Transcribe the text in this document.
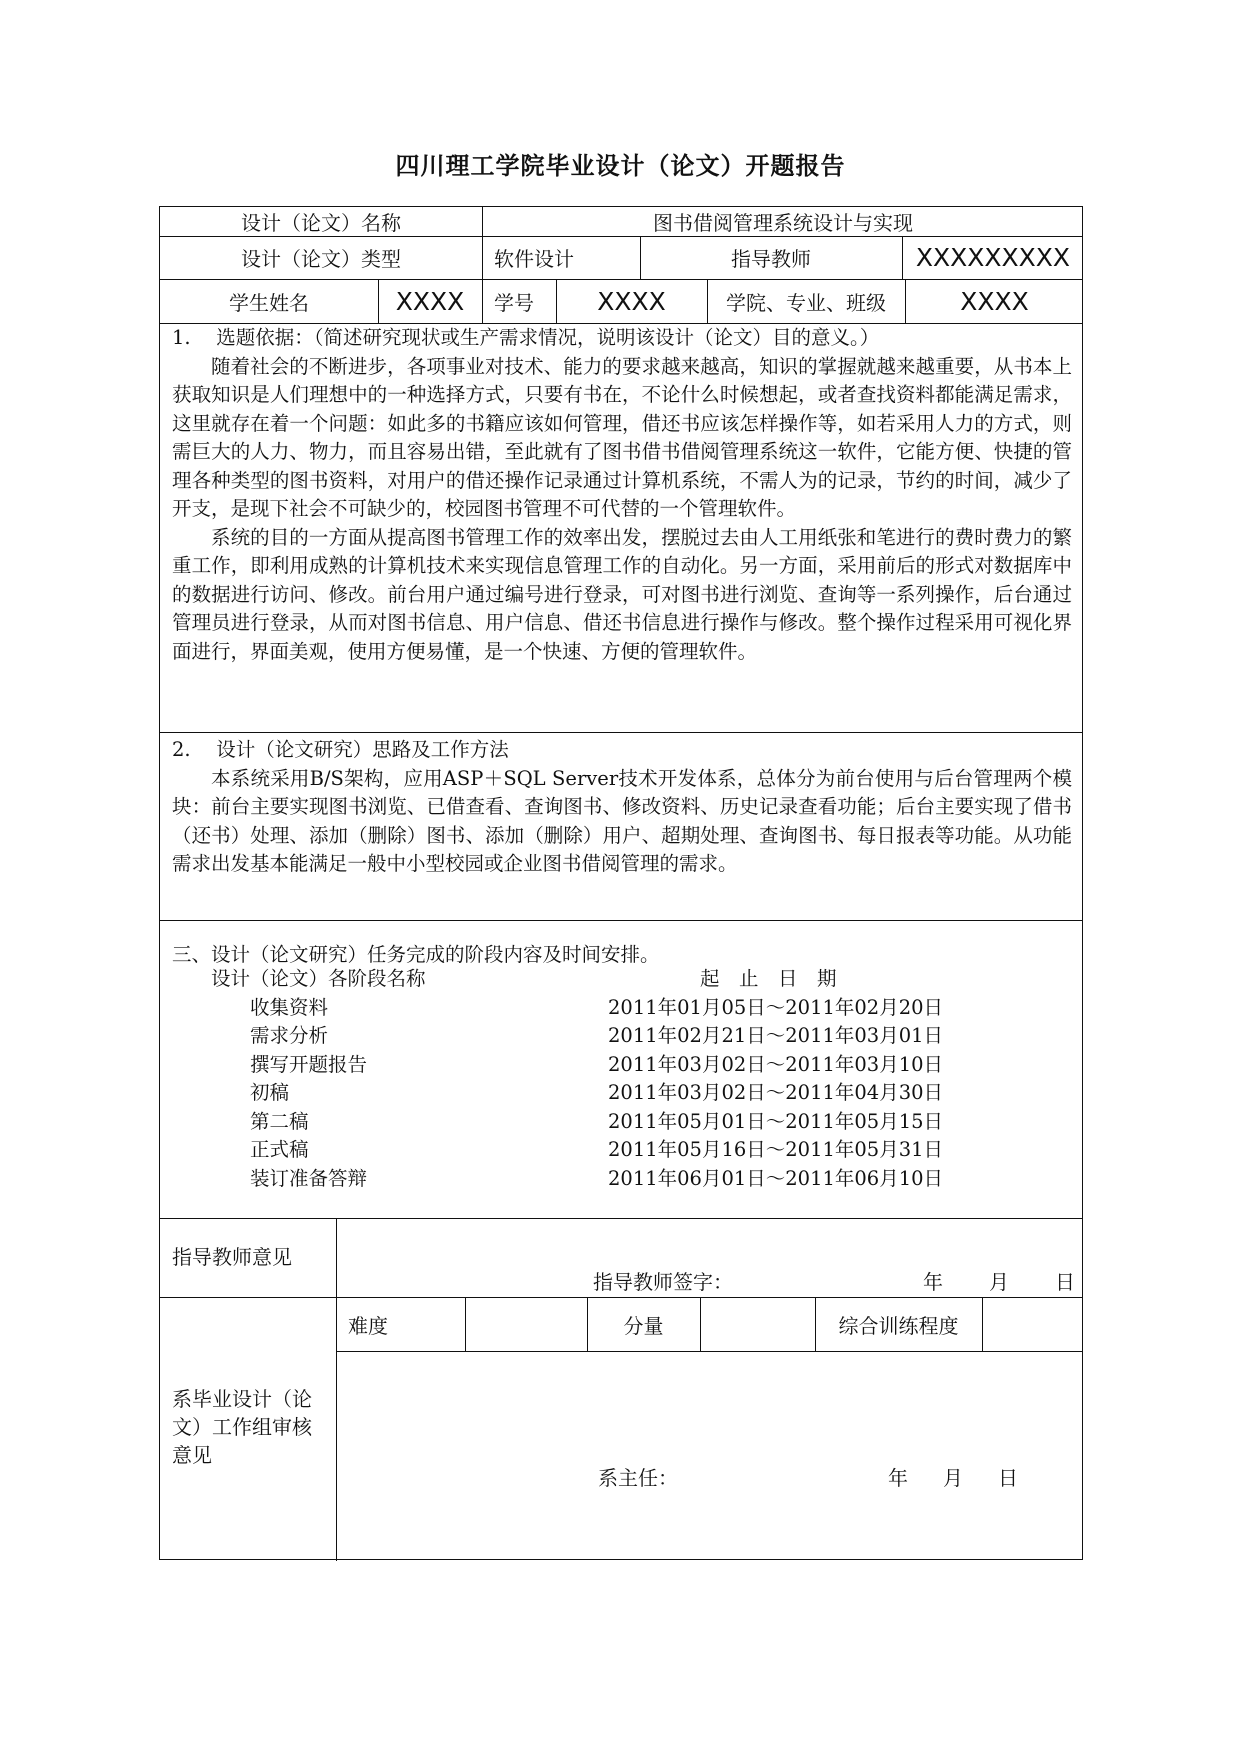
四川理工学院毕业设计（论文）开题报告
设计（论文）名称	图书借阅管理系统设计与实现
设计（论文）类型	软件设计	指导教师	XXXXXXXXX
学生姓名	XXXX	学号	XXXX	学院、专业、班级	XXXX

1.　 选题依据：（简述研究现状或生产需求情况，说明该设计（论文）目的意义。）

随着社会的不断进步，各项事业对技术、能力的要求越来越高，知识的掌握就越来越重要，从书本上获取知识是人们理想中的一种选择方式，只要有书在，不论什么时候想起，或者查找资料都能满足需求，这里就存在着一个问题：如此多的书籍应该如何管理，借还书应该怎样操作等，如若采用人力的方式，则需巨大的人力、物力，而且容易出错，至此就有了图书借书借阅管理系统这一软件，它能方便、快捷的管理各种类型的图书资料，对用户的借还操作记录通过计算机系统，不需人为的记录，节约的时间，减少了开支，是现下社会不可缺少的，校园图书管理不可代替的一个管理软件。

系统的目的一方面从提高图书管理工作的效率出发，摆脱过去由人工用纸张和笔进行的费时费力的繁重工作，即利用成熟的计算机技术来实现信息管理工作的自动化。另一方面，采用前后的形式对数据库中的数据进行访问、修改。前台用户通过编号进行登录，可对图书进行浏览、查询等一系列操作，后台通过管理员进行登录，从而对图书信息、用户信息、借还书信息进行操作与修改。整个操作过程采用可视化界面进行，界面美观，使用方便易懂，是一个快速、方便的管理软件。

2.　 设计（论文研究）思路及工作方法

本系统采用B/S架构，应用ASP＋SQL Server技术开发体系，总体分为前台使用与后台管理两个模块：前台主要实现图书浏览、已借查看、查询图书、修改资料、历史记录查看功能；后台主要实现了借书（还书）处理、添加（删除）图书、添加（删除）用户、超期处理、查询图书、每日报表等功能。从功能需求出发基本能满足一般中小型校园或企业图书借阅管理的需求。

三、设计（论文研究）任务完成的阶段内容及时间安排。
设计（论文）各阶段名称	起　止　日　期
收集资料	2011年01月05日～2011年02月20日
需求分析	2011年02月21日～2011年03月01日
撰写开题报告	2011年03月02日～2011年03月10日
初稿	2011年03月02日～2011年04月30日
第二稿	2011年05月01日～2011年05月15日
正式稿	2011年05月16日～2011年05月31日
装订准备答辩	2011年06月01日～2011年06月10日
指导教师意见
指导教师签字：	年 月 日
系毕业设计（论文）工作组审核意见
难度	分量	综合训练程度
系主任：	年 月 日
